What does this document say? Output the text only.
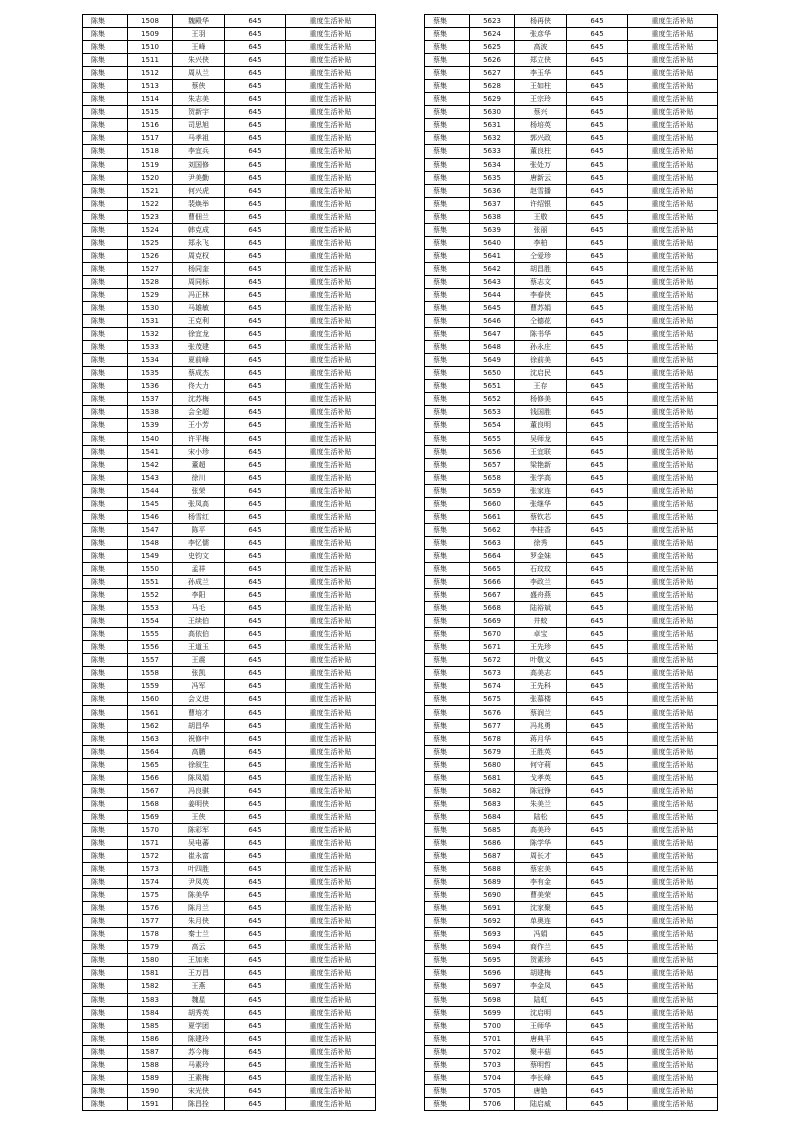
陈集	1508	魏殿华	645	重度生活补贴
陈集	1509	王羽	645	重度生活补贴
陈集	1510	王峰	645	重度生活补贴
陈集	1511	朱兴侠	645	重度生活补贴
陈集	1512	周从兰	645	重度生活补贴
陈集	1513	蔡侠	645	重度生活补贴
陈集	1514	朱志美	645	重度生活补贴
陈集	1515	贺新宇	645	重度生活补贴
陈集	1516	司思旭	645	重度生活补贴
陈集	1517	马孝祖	645	重度生活补贴
陈集	1518	李宜兵	645	重度生活补贴
陈集	1519	刘国修	645	重度生活补贴
陈集	1520	尹美勤	645	重度生活补贴
陈集	1521	何兴虎	645	重度生活补贴
陈集	1522	裴焕举	645	重度生活补贴
陈集	1523	曹佃兰	645	重度生活补贴
陈集	1524	韩克成	645	重度生活补贴
陈集	1525	郑永飞	645	重度生活补贴
陈集	1526	周克权	645	重度生活补贴
陈集	1527	杨同奎	645	重度生活补贴
陈集	1528	周同标	645	重度生活补贴
陈集	1529	冯正林	645	重度生活补贴
陈集	1530	马雄敏	645	重度生活补贴
陈集	1531	王克利	645	重度生活补贴
陈集	1532	徐宜龙	645	重度生活补贴
陈集	1533	张茂建	645	重度生活补贴
陈集	1534	夏前峰	645	重度生活补贴
陈集	1535	蔡成杰	645	重度生活补贴
陈集	1536	佟大力	645	重度生活补贴
陈集	1537	沈苏梅	645	重度生活补贴
陈集	1538	会全超	645	重度生活补贴
陈集	1539	王小芳	645	重度生活补贴
陈集	1540	许平梅	645	重度生活补贴
陈集	1541	宋小珍	645	重度生活补贴
陈集	1542	董超	645	重度生活补贴
陈集	1543	徐川	645	重度生活补贴
陈集	1544	张荣	645	重度生活补贴
陈集	1545	张凤高	645	重度生活补贴
陈集	1546	杨雪红	645	重度生活补贴
陈集	1547	陈平	645	重度生活补贴
陈集	1548	李忆儒	645	重度生活补贴
陈集	1549	史钧文	645	重度生活补贴
陈集	1550	孟祥	645	重度生活补贴
陈集	1551	孙成兰	645	重度生活补贴
陈集	1552	李阳	645	重度生活补贴
陈集	1553	马毛	645	重度生活补贴
陈集	1554	王续伯	645	重度生活补贴
陈集	1555	高依伯	645	重度生活补贴
陈集	1556	王道玉	645	重度生活补贴
陈集	1557	王震	645	重度生活补贴
陈集	1558	张凯	645	重度生活补贴
陈集	1559	冯军	645	重度生活补贴
陈集	1560	会义进	645	重度生活补贴
陈集	1561	曹培才	645	重度生活补贴
陈集	1562	胡昌华	645	重度生活补贴
陈集	1563	祝修中	645	重度生活补贴
陈集	1564	高鹏	645	重度生活补贴
陈集	1565	徐叙生	645	重度生活补贴
陈集	1566	陈凤娟	645	重度生活补贴
陈集	1567	冯良骐	645	重度生活补贴
陈集	1568	姜明侠	645	重度生活补贴
陈集	1569	王侠	645	重度生活补贴
陈集	1570	陈彩军	645	重度生活补贴
陈集	1571	吴电蕃	645	重度生活补贴
陈集	1572	崔永富	645	重度生活补贴
陈集	1573	叶四胜	645	重度生活补贴
陈集	1574	尹凤英	645	重度生活补贴
陈集	1575	陈美华	645	重度生活补贴
陈集	1576	陈月兰	645	重度生活补贴
陈集	1577	朱月侠	645	重度生活补贴
陈集	1578	秦士兰	645	重度生活补贴
陈集	1579	高云	645	重度生活补贴
陈集	1580	王加来	645	重度生活补贴
陈集	1581	王万昌	645	重度生活补贴
陈集	1582	王燕	645	重度生活补贴
陈集	1583	魏星	645	重度生活补贴
陈集	1584	胡秀英	645	重度生活补贴
陈集	1585	夏学团	645	重度生活补贴
陈集	1586	陈建玲	645	重度生活补贴
陈集	1587	苏今梅	645	重度生活补贴
陈集	1588	马素玲	645	重度生活补贴
陈集	1589	王素梅	645	重度生活补贴
陈集	1590	宋光侠	645	重度生活补贴
陈集	1591	陈昌拴	645	重度生活补贴
蔡集	5623	杨再侠	645	重度生活补贴
蔡集	5624	张彦华	645	重度生活补贴
蔡集	5625	高波	645	重度生活补贴
蔡集	5626	郑立侠	645	重度生活补贴
蔡集	5627	李玉华	645	重度生活补贴
蔡集	5628	王如柱	645	重度生活补贴
蔡集	5629	王宗玲	645	重度生活补贴
蔡集	5630	蔡兴	645	重度生活补贴
蔡集	5631	杨培英	645	重度生活补贴
蔡集	5632	郭兴政	645	重度生活补贴
蔡集	5633	董良柱	645	重度生活补贴
蔡集	5634	张处万	645	重度生活补贴
蔡集	5635	唐新云	645	重度生活补贴
蔡集	5636	赵雪播	645	重度生活补贴
蔡集	5637	许绍银	645	重度生活补贴
蔡集	5638	王敬	645	重度生活补贴
蔡集	5639	张丽	645	重度生活补贴
蔡集	5640	李柏	645	重度生活补贴
蔡集	5641	仝爱珍	645	重度生活补贴
蔡集	5642	胡昌胜	645	重度生活补贴
蔡集	5643	蔡志文	645	重度生活补贴
蔡集	5644	李春侠	645	重度生活补贴
蔡集	5645	曹苏娟	645	重度生活补贴
蔡集	5646	仝德花	645	重度生活补贴
蔡集	5647	陈书华	645	重度生活补贴
蔡集	5648	孙永庄	645	重度生活补贴
蔡集	5649	徐前美	645	重度生活补贴
蔡集	5650	沈启民	645	重度生活补贴
蔡集	5651	王存	645	重度生活补贴
蔡集	5652	杨修美	645	重度生活补贴
蔡集	5653	钱国胜	645	重度生活补贴
蔡集	5654	董良明	645	重度生活补贴
蔡集	5655	吴师龙	645	重度生活补贴
蔡集	5656	王宜联	645	重度生活补贴
蔡集	5657	梁艳新	645	重度生活补贴
蔡集	5658	张学高	645	重度生活补贴
蔡集	5659	张家连	645	重度生活补贴
蔡集	5660	张继华	645	重度生活补贴
蔡集	5661	蔡钦芯	645	重度生活补贴
蔡集	5662	李桂香	645	重度生活补贴
蔡集	5663	徐秀	645	重度生活补贴
蔡集	5664	罗金妹	645	重度生活补贴
蔡集	5665	石玟玟	645	重度生活补贴
蔡集	5666	李政兰	645	重度生活补贴
蔡集	5667	盛舟燕	645	重度生活补贴
蔡集	5668	陆裕斌	645	重度生活补贴
蔡集	5669	井蛟	645	重度生活补贴
蔡集	5670	卓宝	645	重度生活补贴
蔡集	5671	王先珍	645	重度生活补贴
蔡集	5672	叶敬义	645	重度生活补贴
蔡集	5673	高美志	645	重度生活补贴
蔡集	5674	王先科	645	重度生活补贴
蔡集	5675	张慕楼	645	重度生活补贴
蔡集	5676	蔡润兰	645	重度生活补贴
蔡集	5677	冯兆勇	645	重度生活补贴
蔡集	5678	蒋月华	645	重度生活补贴
蔡集	5679	王胜英	645	重度生活补贴
蔡集	5680	何守莉	645	重度生活补贴
蔡集	5681	戈孝英	645	重度生活补贴
蔡集	5682	陈冠铮	645	重度生活补贴
蔡集	5683	朱美兰	645	重度生活补贴
蔡集	5684	陆松	645	重度生活补贴
蔡集	5685	高美玲	645	重度生活补贴
蔡集	5686	陈学华	645	重度生活补贴
蔡集	5687	周长才	645	重度生活补贴
蔡集	5688	蔡宏美	645	重度生活补贴
蔡集	5689	李有金	645	重度生活补贴
蔡集	5690	曹美荣	645	重度生活补贴
蔡集	5691	沈家聚	645	重度生活补贴
蔡集	5692	单奥连	645	重度生活补贴
蔡集	5693	冯娟	645	重度生活补贴
蔡集	5694	商作兰	645	重度生活补贴
蔡集	5695	贺素珍	645	重度生活补贴
蔡集	5696	胡建梅	645	重度生活补贴
蔡集	5697	李金凤	645	重度生活补贴
蔡集	5698	陆虹	645	重度生活补贴
蔡集	5699	沈启明	645	重度生活补贴
蔡集	5700	王师华	645	重度生活补贴
蔡集	5701	唐典平	645	重度生活补贴
蔡集	5702	聚丰菇	645	重度生活补贴
蔡集	5703	蔡明哲	645	重度生活补贴
蔡集	5704	李长峰	645	重度生活补贴
蔡集	5705	唐艳	645	重度生活补贴
蔡集	5706	陆启威	645	重度生活补贴
